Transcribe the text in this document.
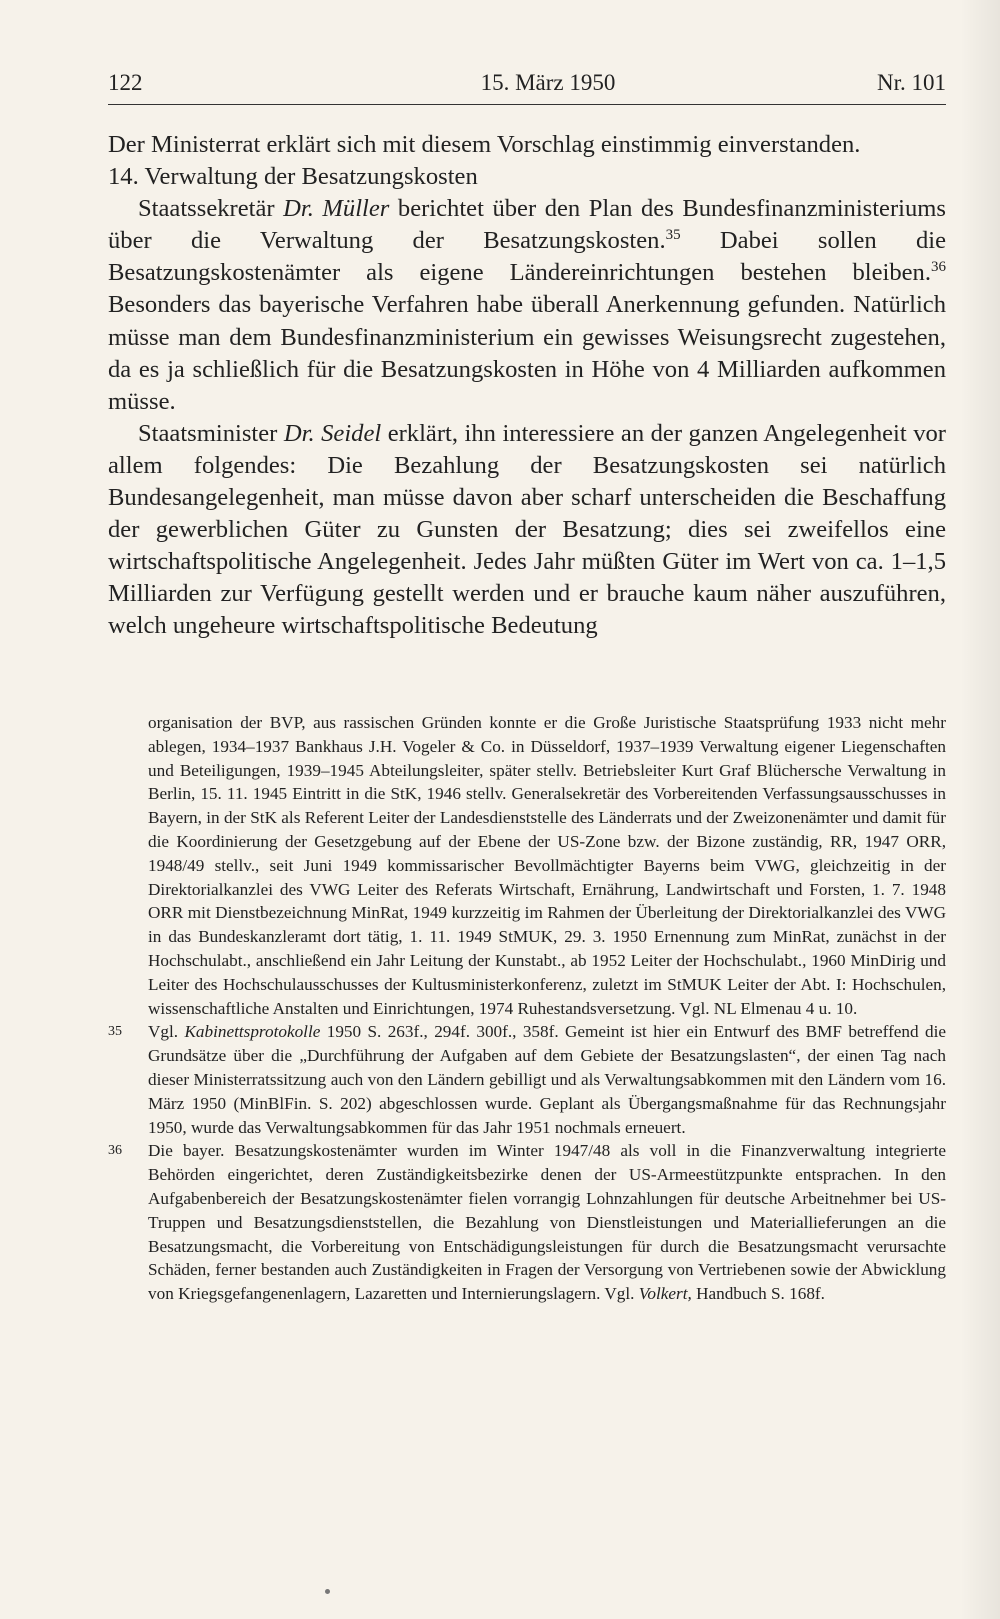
122	15. März 1950	Nr. 101

Der Ministerrat erklärt sich mit diesem Vorschlag einstimmig einverstanden.

14. Verwaltung der Besatzungskosten

Staatssekretär Dr. Müller berichtet über den Plan des Bundesfinanzministeriums über die Verwaltung der Besatzungskosten.$^{35}$ Dabei sollen die Besatzungskostenämter als eigene Ländereinrichtungen bestehen bleiben.$^{36}$ Besonders das bayerische Verfahren habe überall Anerkennung gefunden. Natürlich müsse man dem Bundesfinanzministerium ein gewisses Weisungsrecht zugestehen, da es ja schließlich für die Besatzungskosten in Höhe von 4 Milliarden aufkommen müsse.

Staatsminister Dr. Seidel erklärt, ihn interessiere an der ganzen Angelegenheit vor allem folgendes: Die Bezahlung der Besatzungskosten sei natürlich Bundesangelegenheit, man müsse davon aber scharf unterscheiden die Beschaffung der gewerblichen Güter zu Gunsten der Besatzung; dies sei zweifellos eine wirtschaftspolitische Angelegenheit. Jedes Jahr müßten Güter im Wert von ca. 1–1,5 Milliarden zur Verfügung gestellt werden und er brauche kaum näher auszuführen, welch ungeheure wirtschaftspolitische Bedeutung

organisation der BVP, aus rassischen Gründen konnte er die Große Juristische Staatsprüfung 1933 nicht mehr ablegen, 1934–1937 Bankhaus J.H. Vogeler & Co. in Düsseldorf, 1937–1939 Verwaltung eigener Liegenschaften und Beteiligungen, 1939–1945 Abteilungsleiter, später stellv. Betriebsleiter Kurt Graf Blüchersche Verwaltung in Berlin, 15. 11. 1945 Eintritt in die StK, 1946 stellv. Generalsekretär des Vorbereitenden Verfassungsausschusses in Bayern, in der StK als Referent Leiter der Landesdienststelle des Länderrats und der Zweizonenämter und damit für die Koordinierung der Gesetzgebung auf der Ebene der US-Zone bzw. der Bizone zuständig, RR, 1947 ORR, 1948/49 stellv., seit Juni 1949 kommissarischer Bevollmächtigter Bayerns beim VWG, gleichzeitig in der Direktorialkanzlei des VWG Leiter des Referats Wirtschaft, Ernährung, Landwirtschaft und Forsten, 1. 7. 1948 ORR mit Dienstbezeichnung MinRat, 1949 kurzzeitig im Rahmen der Überleitung der Direktorialkanzlei des VWG in das Bundeskanzleramt dort tätig, 1. 11. 1949 StMUK, 29. 3. 1950 Ernennung zum MinRat, zunächst in der Hochschulabt., anschließend ein Jahr Leitung der Kunstabt., ab 1952 Leiter der Hochschulabt., 1960 MinDirig und Leiter des Hochschulausschusses der Kultusministerkonferenz, zuletzt im StMUK Leiter der Abt. I: Hochschulen, wissenschaftliche Anstalten und Einrichtungen, 1974 Ruhestandsversetzung. Vgl. NL Elmenau 4 u. 10.

35 Vgl. Kabinettsprotokolle 1950 S. 263f., 294f. 300f., 358f. Gemeint ist hier ein Entwurf des BMF betreffend die Grundsätze über die „Durchführung der Aufgaben auf dem Gebiete der Besatzungslasten“, der einen Tag nach dieser Ministerratssitzung auch von den Ländern gebilligt und als Verwaltungsabkommen mit den Ländern vom 16. März 1950 (MinBlFin. S. 202) abgeschlossen wurde. Geplant als Übergangsmaßnahme für das Rechnungsjahr 1950, wurde das Verwaltungsabkommen für das Jahr 1951 nochmals erneuert.

36 Die bayer. Besatzungskostenämter wurden im Winter 1947/48 als voll in die Finanzverwaltung integrierte Behörden eingerichtet, deren Zuständigkeitsbezirke denen der US-Armeestützpunkte entsprachen. In den Aufgabenbereich der Besatzungskostenämter fielen vorrangig Lohnzahlungen für deutsche Arbeitnehmer bei US-Truppen und Besatzungsdienststellen, die Bezahlung von Dienstleistungen und Materiallieferungen an die Besatzungsmacht, die Vorbereitung von Entschädigungsleistungen für durch die Besatzungsmacht verursachte Schäden, ferner bestanden auch Zuständigkeiten in Fragen der Versorgung von Vertriebenen sowie der Abwicklung von Kriegsgefangenenlagern, Lazaretten und Internierungslagern. Vgl. Volkert, Handbuch S. 168f.
